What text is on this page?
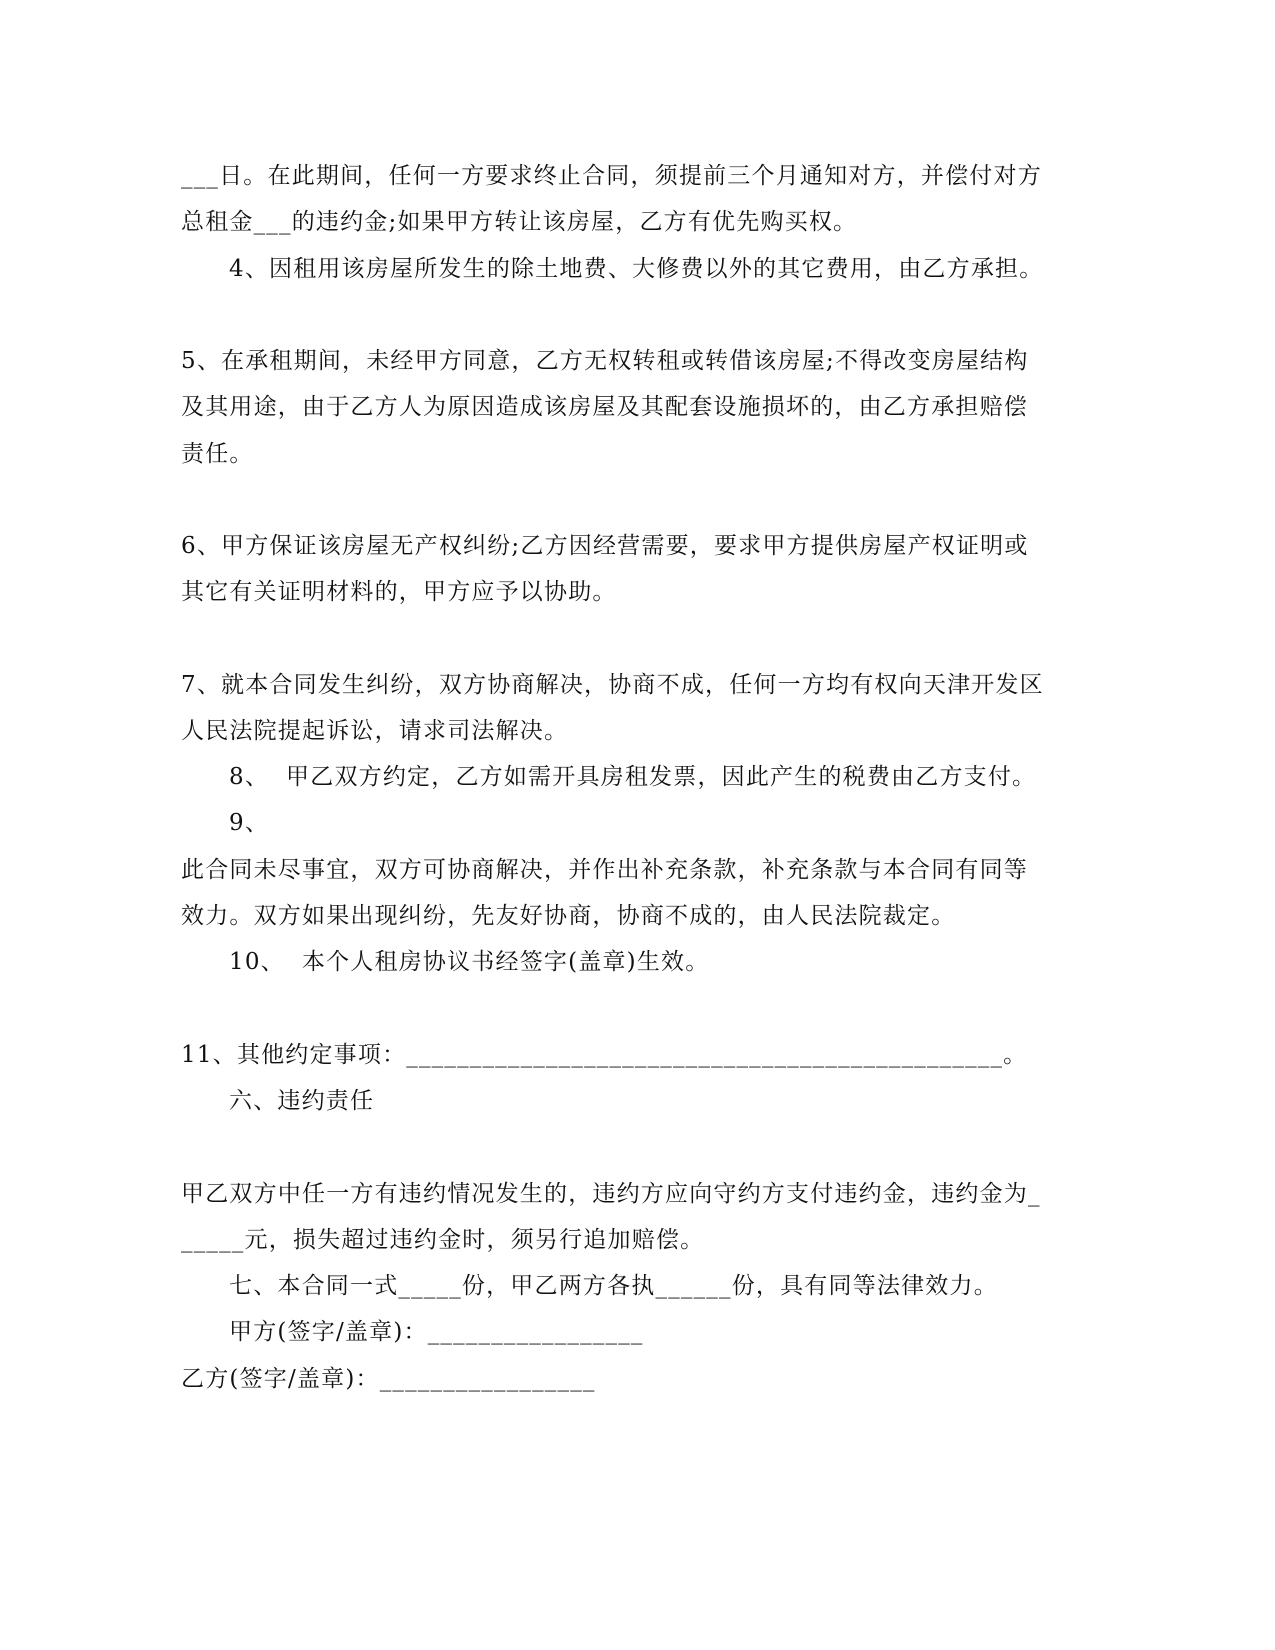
___日。在此期间，任何一方要求终止合同，须提前三个月通知对方，并偿付对方

总租金___的违约金;如果甲方转让该房屋，乙方有优先购买权。

4、因租用该房屋所发生的除土地费、大修费以外的其它费用，由乙方承担。

5、在承租期间，未经甲方同意，乙方无权转租或转借该房屋;不得改变房屋结构

及其用途，由于乙方人为原因造成该房屋及其配套设施损坏的，由乙方承担赔偿

责任。

6、甲方保证该房屋无产权纠纷;乙方因经营需要，要求甲方提供房屋产权证明或

其它有关证明材料的，甲方应予以协助。

7、就本合同发生纠纷，双方协商解决，协商不成，任何一方均有权向天津开发区

人民法院提起诉讼，请求司法解决。

8、  甲乙双方约定，乙方如需开具房租发票，因此产生的税费由乙方支付。

9、

此合同未尽事宜，双方可协商解决，并作出补充条款，补充条款与本合同有同等

效力。双方如果出现纠纷，先友好协商，协商不成的，由人民法院裁定。

10、  本个人租房协议书经签字(盖章)生效。

11、其他约定事项：_______________________________________________。

六、违约责任

甲乙双方中任一方有违约情况发生的，违约方应向守约方支付违约金，违约金为_

_____元，损失超过违约金时，须另行追加赔偿。

七、本合同一式_____份，甲乙两方各执______份，具有同等法律效力。

甲方(签字/盖章)：_________________

乙方(签字/盖章)：_________________
